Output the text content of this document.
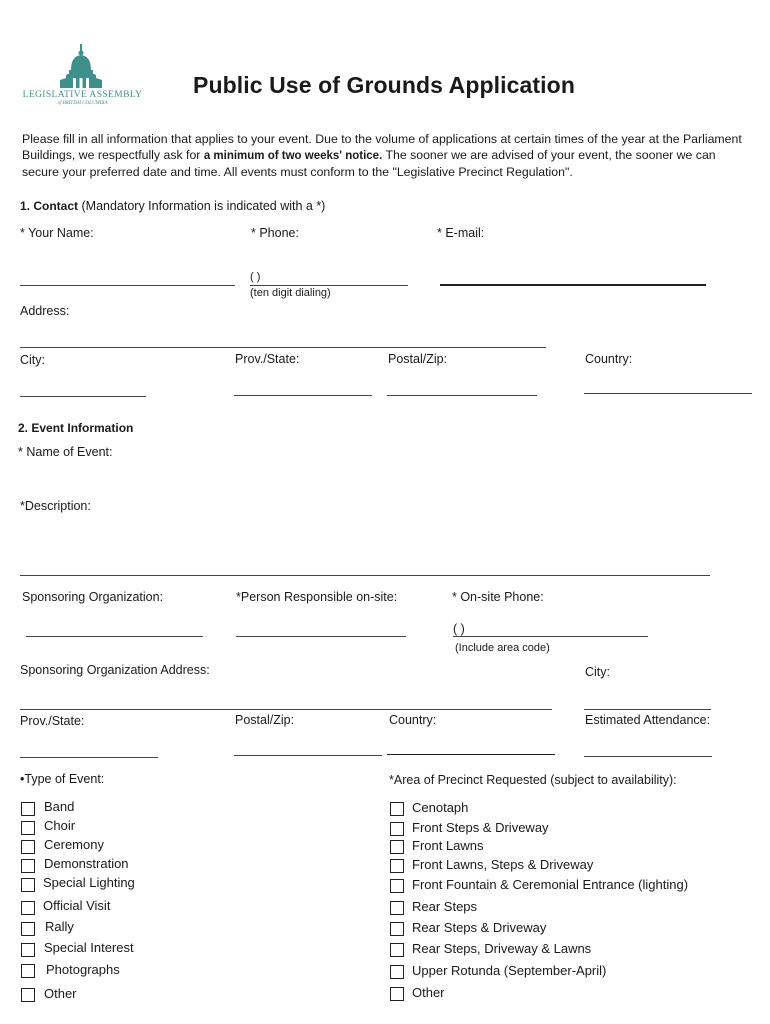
LEGISLATIVE ASSEMBLY
of BRITISH COLUMBIA
Public Use of Grounds Application
Please fill in all information that applies to your event. Due to the volume of applications at certain times of the year at the Parliament Buildings, we respectfully ask for a minimum of two weeks' notice. The sooner we are advised of your event, the sooner we can secure your preferred date and time. All events must conform to the "Legislative Precinct Regulation".
1. Contact (Mandatory Information is indicated with a *)
* Your Name:	* Phone:	* E-mail:
( )
(ten digit dialing)
Address:
City:	Prov./State:	Postal/Zip:	Country:
2. Event Information
* Name of Event:
*Description:
Sponsoring Organization:	*Person Responsible on-site:	* On-site Phone:
( )
(Include area code)
Sponsoring Organization Address:	City:
Prov./State:	Postal/Zip:	Country:	Estimated Attendance:
•Type of Event:	*Area of Precinct Requested (subject to availability):
Band
Choir
Ceremony
Demonstration
Special Lighting
Official Visit
Rally
Special Interest
Photographs
Other
Cenotaph
Front Steps & Driveway
Front Lawns
Front Lawns, Steps & Driveway
Front Fountain & Ceremonial Entrance (lighting)
Rear Steps
Rear Steps & Driveway
Rear Steps, Driveway & Lawns
Upper Rotunda (September-April)
Other
